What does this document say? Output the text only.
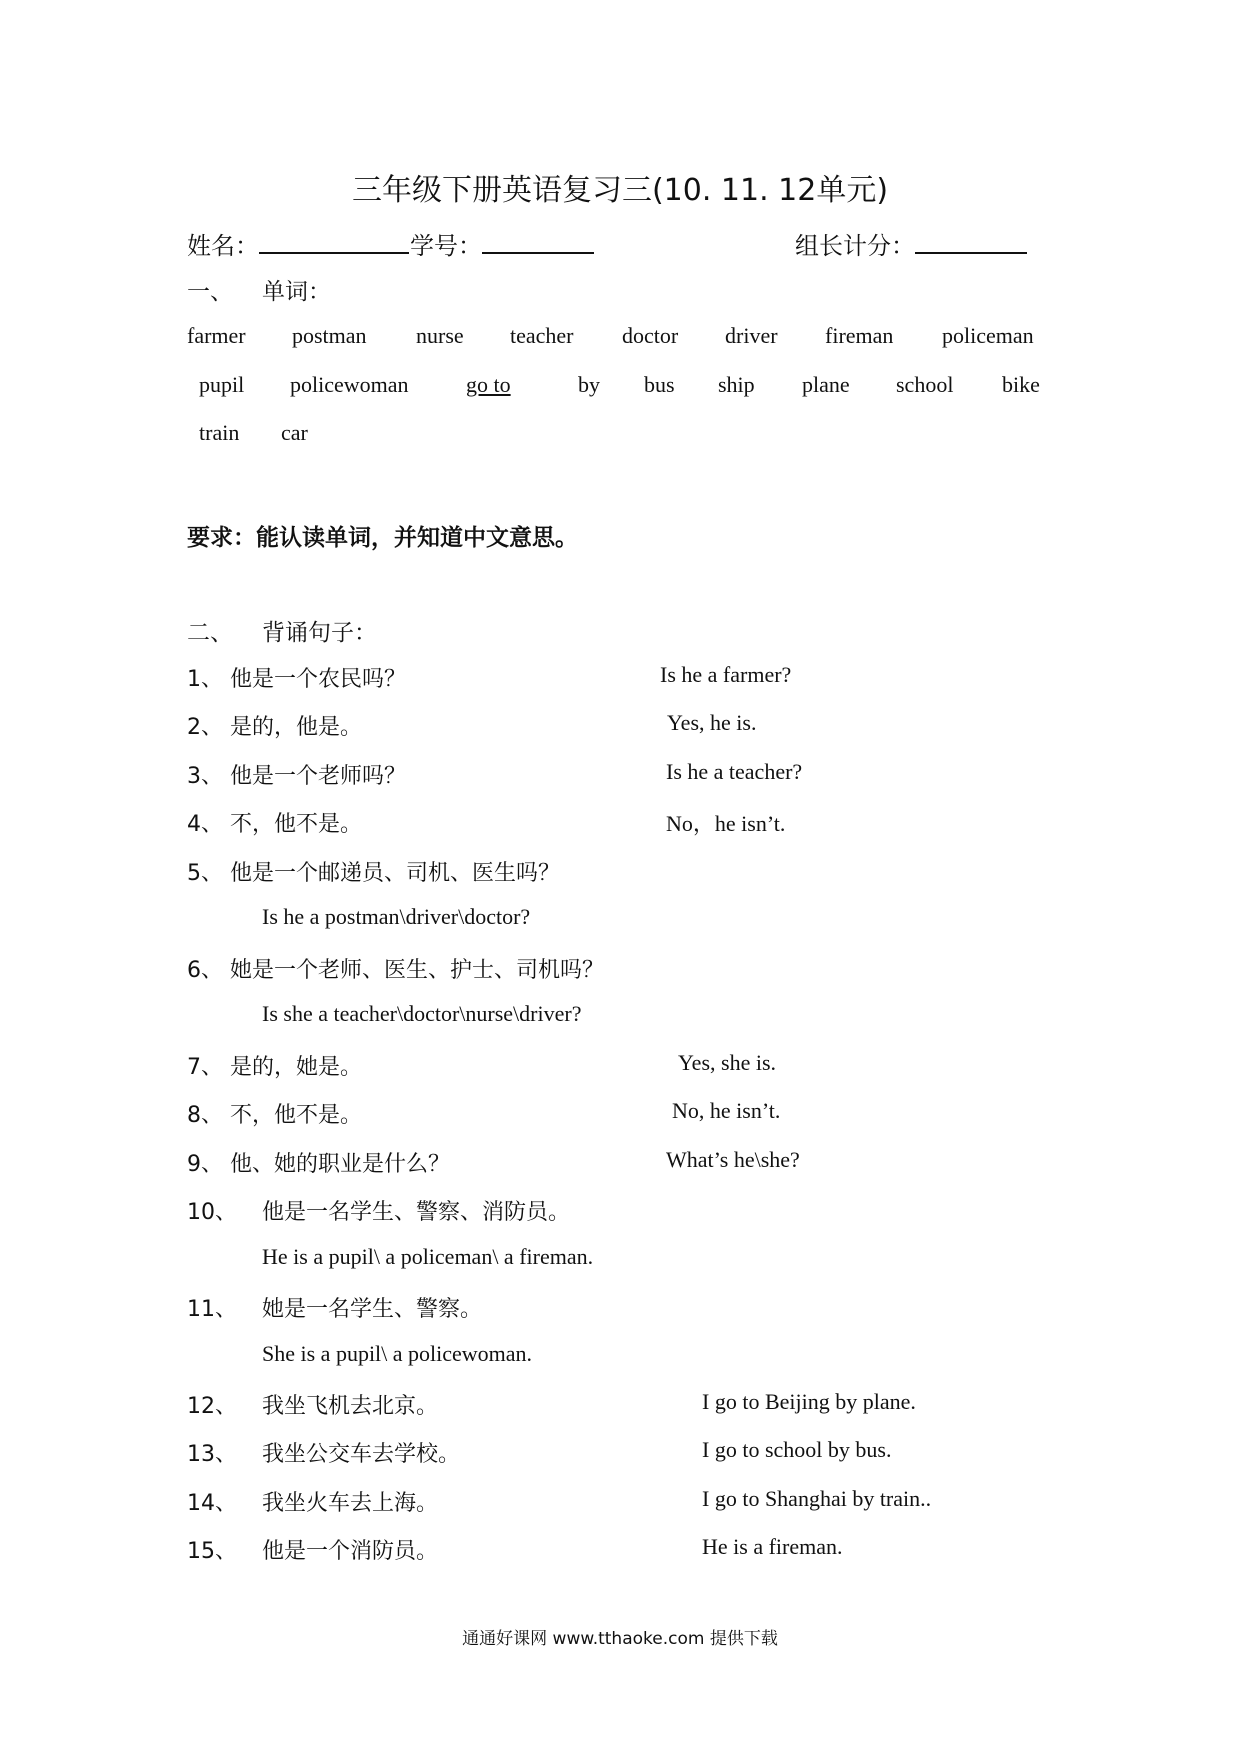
三年级下册英语复习三(10. 11. 12单元)
姓名：	学号：	组长计分：
一、 单词：
farmer postman nurse teacher doctor driver fireman policeman
pupil policewoman	go to	by bus ship plane school bike
train car
要求：能认读单词，并知道中文意思。
二、 背诵句子：
1、 他是一个农民吗？	Is he a farmer?
2、 是的，他是。	Yes, he is.
3、 他是一个老师吗？	Is he a teacher?
4、 不，他不是。	No，he isn’t.
5、 他是一个邮递员、司机、医生吗？
Is he a postman\driver\doctor?
6、 她是一个老师、医生、护士、司机吗？
Is she a teacher\doctor\nurse\driver?
7、 是的，她是。	Yes, she is.
8、 不，他不是。	No, he isn’t.
9、 他、她的职业是什么？	What’s he\she?
10、 他是一名学生、警察、消防员。
He is a pupil\ a policeman\ a fireman.
11、 她是一名学生、警察。
She is a pupil\ a policewoman.
12、 我坐飞机去北京。	I go to Beijing by plane.
13、 我坐公交车去学校。	I go to school by bus.
14、 我坐火车去上海。	I go to Shanghai by train..
15、 他是一个消防员。	He is a fireman.
通通好课网 www.tthaoke.com 提供下载
